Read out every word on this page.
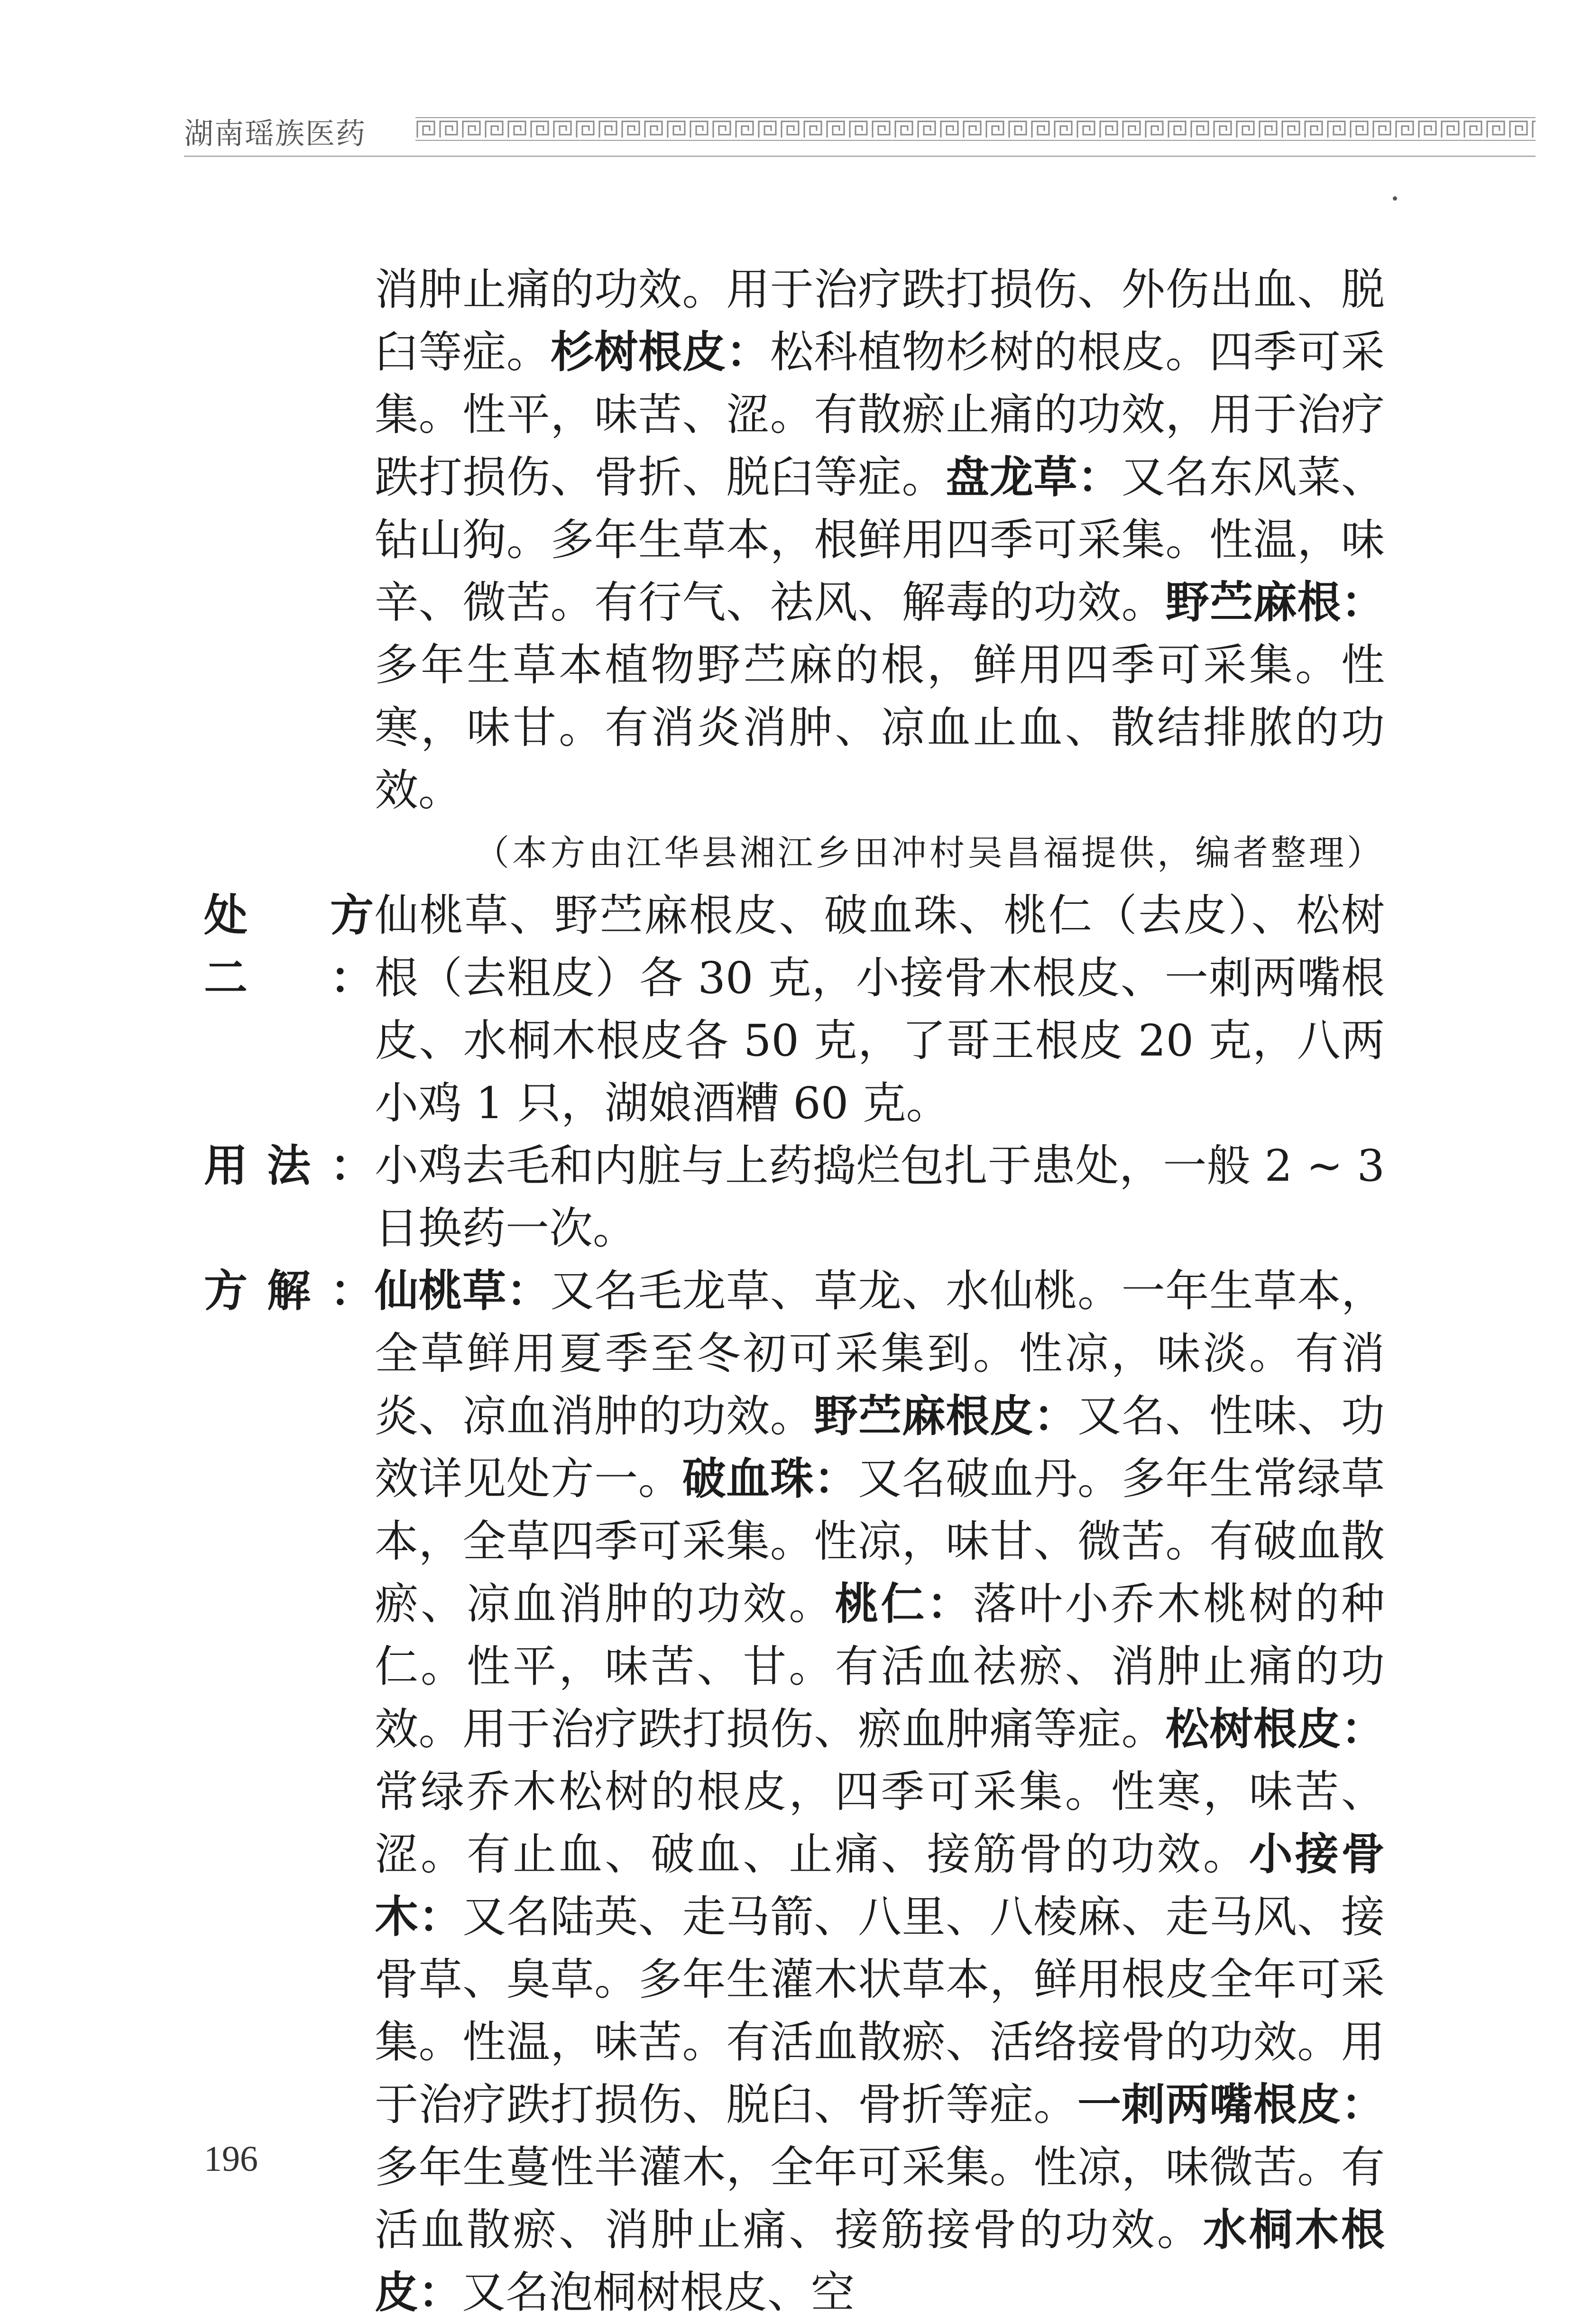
湖南瑶族医药
消肿止痛的功效。用于治疗跌打损伤、外伤出血、脱臼等症。杉树根皮：松科植物杉树的根皮。四季可采集。性平，味苦、涩。有散瘀止痛的功效，用于治疗跌打损伤、骨折、脱臼等症。盘龙草：又名东风菜、钻山狗。多年生草本，根鲜用四季可采集。性温，味辛、微苦。有行气、祛风、解毒的功效。野苎麻根：多年生草本植物野苎麻的根，鲜用四季可采集。性寒，味甘。有消炎消肿、凉血止血、散结排脓的功效。
（本方由江华县湘江乡田冲村吴昌福提供，编者整理）
处方二：
仙桃草、野苎麻根皮、破血珠、桃仁（去皮）、松树根（去粗皮）各 30 克，小接骨木根皮、一刺两嘴根皮、水桐木根皮各 50 克，了哥王根皮 20 克，八两小鸡 1 只，湖娘酒糟 60 克。
用法： 小鸡去毛和内脏与上药捣烂包扎于患处，一般 2 ~ 3 日换药一次。
方解： 仙桃草：又名毛龙草、草龙、水仙桃。一年生草本，全草鲜用夏季至冬初可采集到。性凉，味淡。有消炎、凉血消肿的功效。野苎麻根皮：又名、性味、功效详见处方一。破血珠：又名破血丹。多年生常绿草本，全草四季可采集。性凉，味甘、微苦。有破血散瘀、凉血消肿的功效。桃仁：落叶小乔木桃树的种仁。性平，味苦、甘。有活血祛瘀、消肿止痛的功效。用于治疗跌打损伤、瘀血肿痛等症。松树根皮：常绿乔木松树的根皮，四季可采集。性寒，味苦、涩。有止血、破血、止痛、接筋骨的功效。小接骨木：又名陆英、走马箭、八里、八棱麻、走马风、接骨草、臭草。多年生灌木状草本，鲜用根皮全年可采集。性温，味苦。有活血散瘀、活络接骨的功效。用于治疗跌打损伤、脱臼、骨折等症。一刺两嘴根皮：多年生蔓性半灌木，全年可采集。性凉，味微苦。有活血散瘀、消肿止痛、接筋接骨的功效。水桐木根皮：又名泡桐树根皮、空
196
